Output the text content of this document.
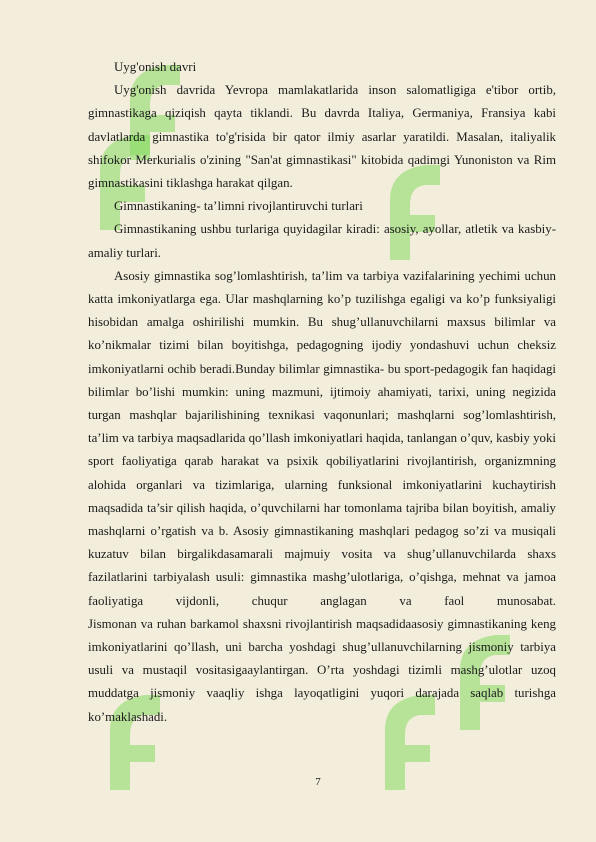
Uyg'onish davri

Uyg'onish davrida Yevropa mamlakatlarida inson salomatligiga e'tibor ortib, gimnastikaga qiziqish qayta tiklandi. Bu davrda Italiya, Germaniya, Fransiya kabi davlatlarda gimnastika to'g'risida bir qator ilmiy asarlar yaratildi. Masalan, italiyalik shifokor Merkurialis o'zining "San'at gimnastikasi" kitobida qadimgi Yunoniston va Rim gimnastikasini tiklashga harakat qilgan.

Gimnastikaning- ta’limni rivojlantiruvchi turlari

Gimnastikaning ushbu turlariga quyidagilar kiradi: asosiy, ayollar, atletik va kasbiy-amaliy turlari.

Asosiy gimnastika sog’lomlashtirish, ta’lim va tarbiya vazifalarining yechimi uchun katta imkoniyatlarga ega. Ular mashqlarning ko’p tuzilishga egaligi va ko’p funksiyaligi hisobidan amalga oshirilishi mumkin. Bu shug’ullanuvchilarni maxsus bilimlar va ko’nikmalar tizimi bilan boyitishga, pedagogning ijodiy yondashuvi uchun cheksiz imkoniyatlarni ochib beradi.Bunday bilimlar gimnastika- bu sport-pedagogik fan haqidagi bilimlar bo’lishi mumkin: uning mazmuni, ijtimoiy ahamiyati, tarixi, uning negizida turgan mashqlar bajarilishining texnikasi vaqonunlari; mashqlarni sog’lomlashtirish, ta’lim va tarbiya maqsadlarida qo’llash imkoniyatlari haqida, tanlangan o’quv, kasbiy yoki sport faoliyatiga qarab harakat va psixik qobiliyatlarini rivojlantirish, organizmning alohida organlari va tizimlariga, ularning funksional imkoniyatlarini kuchaytirish maqsadida ta’sir qilish haqida, o’quvchilarni har tomonlama tajriba bilan boyitish, amaliy mashqlarni o’rgatish va b. Asosiy gimnastikaning mashqlari pedagog so’zi va musiqali kuzatuv bilan birgalikdasamarali majmuiy vosita va shug’ullanuvchilarda shaxs fazilatlarini tarbiyalash usuli: gimnastika mashg’ulotlariga, o’qishga, mehnat va jamoa faoliyatiga vijdonli, chuqur anglagan va faol munosabat.

Jismonan va ruhan barkamol shaxsni rivojlantirish maqsadidaasosiy gimnastikaning keng imkoniyatlarini qo’llash, uni barcha yoshdagi shug’ullanuvchilarning jismoniy tarbiya usuli va mustaqil vositasigaaylantirgan. O’rta yoshdagi tizimli mashg’ulotlar uzoq muddatga jismoniy vaaqliy ishga layoqatligini yuqori darajada saqlab turishga ko’maklashadi.

7
